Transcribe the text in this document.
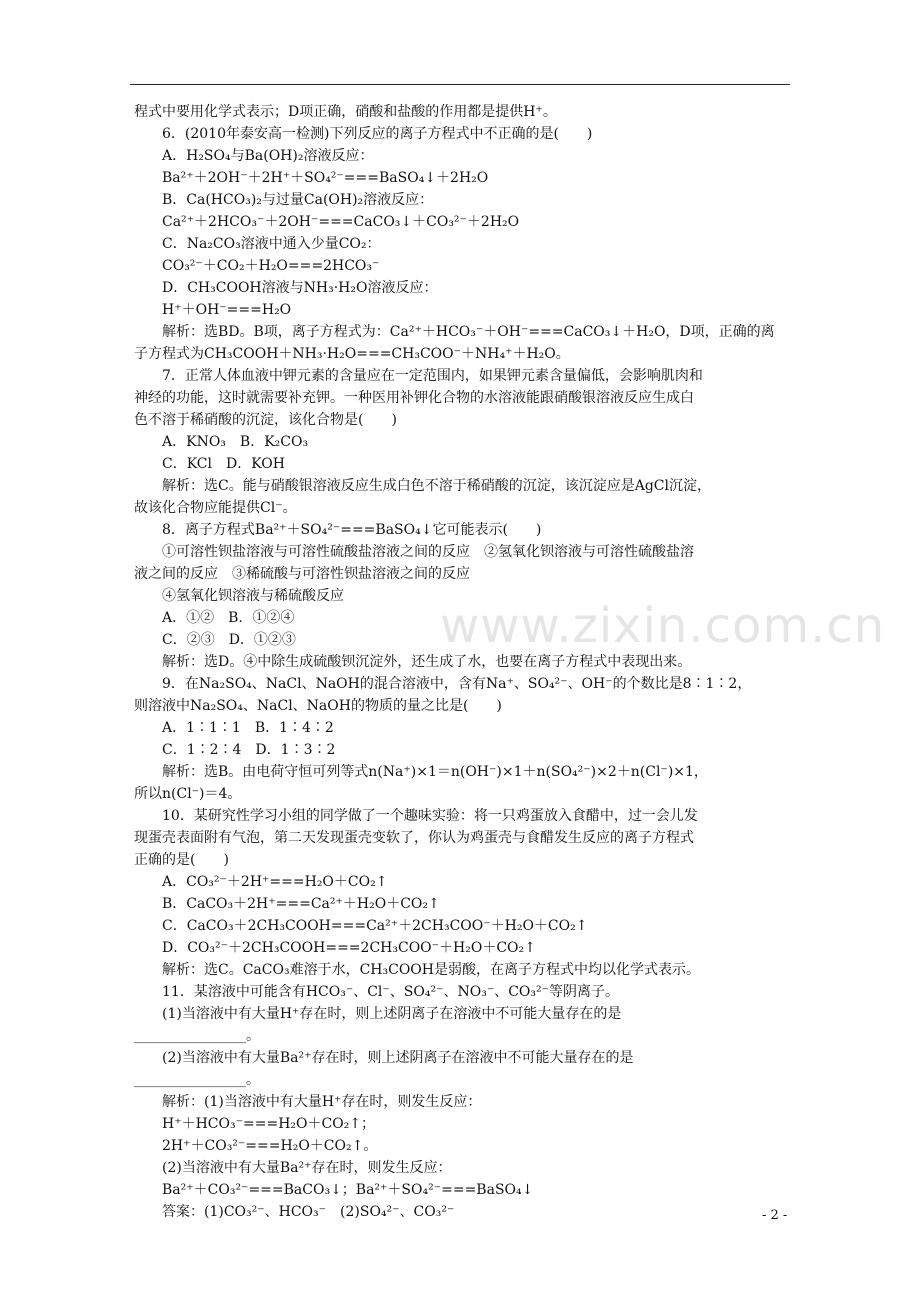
www.zixin.com.cn
程式中要用化学式表示；D项正确，硝酸和盐酸的作用都是提供H⁺。
6．(2010年泰安高一检测)下列反应的离子方程式中不正确的是(　　)
A．H₂SO₄与Ba(OH)₂溶液反应：
Ba²⁺＋2OH⁻＋2H⁺＋SO₄²⁻===BaSO₄↓＋2H₂O
B．Ca(HCO₃)₂与过量Ca(OH)₂溶液反应：
Ca²⁺＋2HCO₃⁻＋2OH⁻===CaCO₃↓＋CO₃²⁻＋2H₂O
C．Na₂CO₃溶液中通入少量CO₂：
CO₃²⁻＋CO₂＋H₂O===2HCO₃⁻
D．CH₃COOH溶液与NH₃·H₂O溶液反应：
H⁺＋OH⁻===H₂O
解析：选BD。B项，离子方程式为：Ca²⁺＋HCO₃⁻＋OH⁻===CaCO₃↓＋H₂O，D项，正确的离
子方程式为CH₃COOH＋NH₃·H₂O===CH₃COO⁻＋NH₄⁺＋H₂O。
7．正常人体血液中钾元素的含量应在一定范围内，如果钾元素含量偏低，会影响肌肉和
神经的功能，这时就需要补充钾。一种医用补钾化合物的水溶液能跟硝酸银溶液反应生成白
色不溶于稀硝酸的沉淀，该化合物是(　　)
A．KNO₃　B．K₂CO₃
C．KCl　D．KOH
解析：选C。能与硝酸银溶液反应生成白色不溶于稀硝酸的沉淀，该沉淀应是AgCl沉淀，
故该化合物应能提供Cl⁻。
8．离子方程式Ba²⁺＋SO₄²⁻===BaSO₄↓它可能表示(　　)
①可溶性钡盐溶液与可溶性硫酸盐溶液之间的反应　②氢氧化钡溶液与可溶性硫酸盐溶
液之间的反应　③稀硫酸与可溶性钡盐溶液之间的反应
④氢氧化钡溶液与稀硫酸反应
A．①②　B．①②④
C．②③　D．①②③
解析：选D。④中除生成硫酸钡沉淀外，还生成了水，也要在离子方程式中表现出来。
9．在Na₂SO₄、NaCl、NaOH的混合溶液中，含有Na⁺、SO₄²⁻、OH⁻的个数比是8∶1∶2，
则溶液中Na₂SO₄、NaCl、NaOH的物质的量之比是(　　)
A．1∶1∶1　B．1∶4∶2
C．1∶2∶4　D．1∶3∶2
解析：选B。由电荷守恒可列等式n(Na⁺)×1＝n(OH⁻)×1＋n(SO₄²⁻)×2＋n(Cl⁻)×1，
所以n(Cl⁻)＝4。
10．某研究性学习小组的同学做了一个趣味实验：将一只鸡蛋放入食醋中，过一会儿发
现蛋壳表面附有气泡，第二天发现蛋壳变软了，你认为鸡蛋壳与食醋发生反应的离子方程式
正确的是(　　)
A．CO₃²⁻＋2H⁺===H₂O＋CO₂↑
B．CaCO₃＋2H⁺===Ca²⁺＋H₂O＋CO₂↑
C．CaCO₃＋2CH₃COOH===Ca²⁺＋2CH₃COO⁻＋H₂O＋CO₂↑
D．CO₃²⁻＋2CH₃COOH===2CH₃COO⁻＋H₂O＋CO₂↑
解析：选C。CaCO₃难溶于水，CH₃COOH是弱酸，在离子方程式中均以化学式表示。
11．某溶液中可能含有HCO₃⁻、Cl⁻、SO₄²⁻、NO₃⁻、CO₃²⁻等阴离子。
(1)当溶液中有大量H⁺存在时，则上述阴离子在溶液中不可能大量存在的是
________________。
(2)当溶液中有大量Ba²⁺存在时，则上述阴离子在溶液中不可能大量存在的是
________________。
解析：(1)当溶液中有大量H⁺存在时，则发生反应：
H⁺＋HCO₃⁻===H₂O＋CO₂↑；
2H⁺＋CO₃²⁻===H₂O＋CO₂↑。
(2)当溶液中有大量Ba²⁺存在时，则发生反应：
Ba²⁺＋CO₃²⁻===BaCO₃↓；Ba²⁺＋SO₄²⁻===BaSO₄↓
答案：(1)CO₃²⁻、HCO₃⁻　(2)SO₄²⁻、CO₃²⁻	- 2 -
